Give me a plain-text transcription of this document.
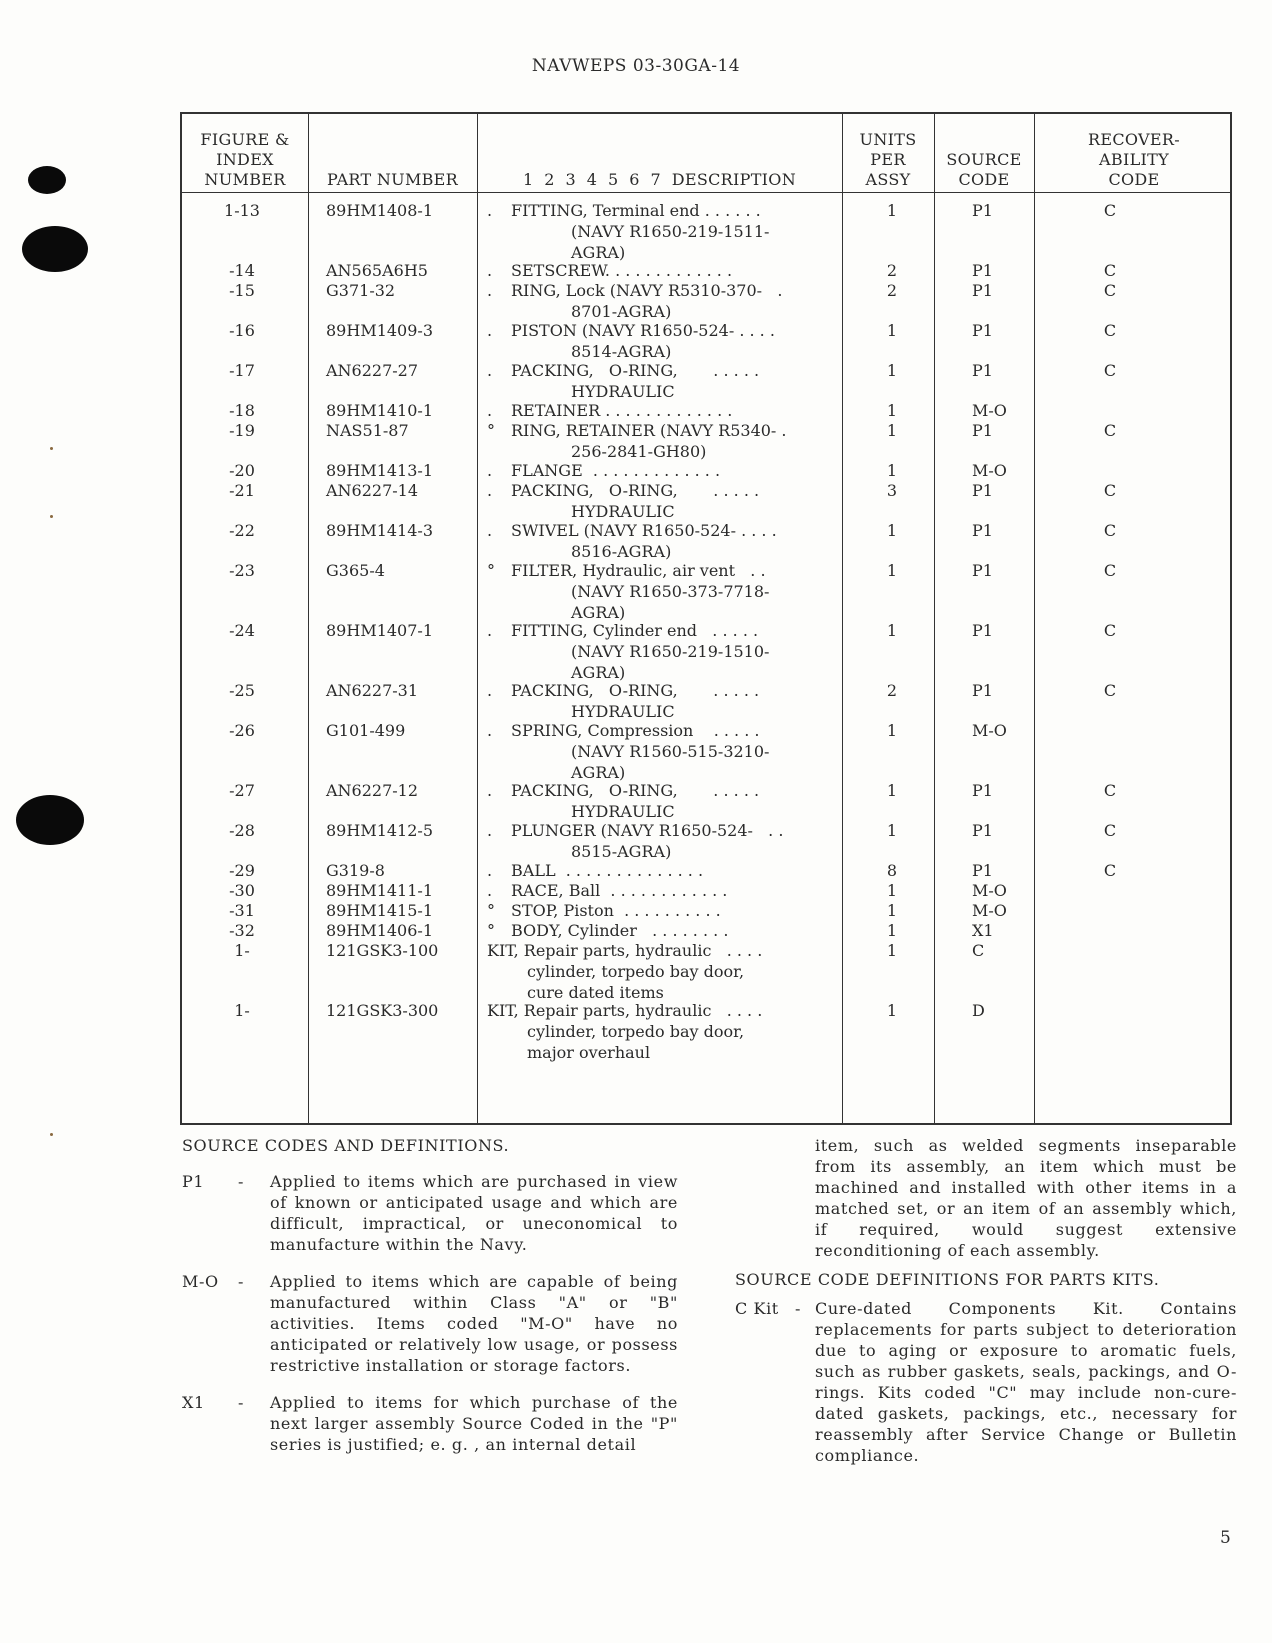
NAVWEPS 03-30GA-14
FIGURE &
INDEX
NUMBER	PART NUMBER	1  2  3  4  5  6  7  DESCRIPTION
UNITS
PER
ASSY
SOURCE
CODE
RECOVER-
ABILITY
CODE
1-13	89HM1408-1	. FITTING, Terminal end . . . . . .
(NAVY R1650-219-1511-
AGRA)
1	P1	C
-14	AN565A6H5	. SETSCREW. . . . . . . . . . . . .	2	P1	C
-15	G371-32	. RING, Lock (NAVY R5310-370-   .
8701-AGRA)
2	P1	C
-16	89HM1409-3	. PISTON (NAVY R1650-524- . . . .
8514-AGRA)
1	P1	C
-17	AN6227-27	. PACKING,   O-RING,       . . . . .
HYDRAULIC
1	P1	C
-18	89HM1410-1	. RETAINER . . . . . . . . . . . . .	1	M-O
-19	NAS51-87	° RING, RETAINER (NAVY R5340- .
256-2841-GH80)
1	P1	C
-20	89HM1413-1	. FLANGE  . . . . . . . . . . . . .	1	M-O
-21	AN6227-14	. PACKING,   O-RING,       . . . . .
HYDRAULIC
3	P1	C
-22	89HM1414-3	. SWIVEL (NAVY R1650-524- . . . .
8516-AGRA)
1	P1	C
-23	G365-4	° FILTER, Hydraulic, air vent   . .
(NAVY R1650-373-7718-
AGRA)
1	P1	C
-24	89HM1407-1	. FITTING, Cylinder end   . . . . .
(NAVY R1650-219-1510-
AGRA)
1	P1	C
-25	AN6227-31	. PACKING,   O-RING,       . . . . .
HYDRAULIC
2	P1	C
-26	G101-499	. SPRING, Compression    . . . . .
(NAVY R1560-515-3210-
AGRA)
1	M-O
-27	AN6227-12	. PACKING,   O-RING,       . . . . .
HYDRAULIC
1	P1	C
-28	89HM1412-5	. PLUNGER (NAVY R1650-524-   . .
8515-AGRA)
1	P1	C
-29	G319-8	. BALL  . . . . . . . . . . . . . .	8	P1	C
-30	89HM1411-1	. RACE, Ball  . . . . . . . . . . . .	1	M-O
-31	89HM1415-1	° STOP, Piston  . . . . . . . . . .	1	M-O
-32	89HM1406-1	° BODY, Cylinder   . . . . . . . .	1	X1
1-	121GSK3-100	KIT, Repair parts, hydraulic   . . . .
cylinder, torpedo bay door,
cure dated items
1	C
1-	121GSK3-300	KIT, Repair parts, hydraulic   . . . .
cylinder, torpedo bay door,
major overhaul
1	D
SOURCE CODES AND DEFINITIONS.
P1 - Applied to items which are purchased in view of known or anticipated usage and which are difficult, impractical, or uneconomical to manufacture within the Navy.
M-O - Applied to items which are capable of being manufactured within Class "A" or "B" activities. Items coded "M-O" have no anticipated or relatively low usage, or possess restrictive installation or storage factors.
X1 - Applied to items for which purchase of the next larger assembly Source Coded in the "P" series is justified; e. g. , an internal detail
item, such as welded segments inseparable from its assembly, an item which must be machined and installed with other items in a matched set, or an item of an assembly which, if required, would suggest extensive reconditioning of each assembly.
SOURCE CODE DEFINITIONS FOR PARTS KITS.
C Kit - Cure-dated Components Kit. Contains replacements for parts subject to deterioration due to aging or exposure to aromatic fuels, such as rubber gaskets, seals, packings, and O-rings. Kits coded "C" may include non-cure-dated gaskets, packings, etc., necessary for reassembly after Service Change or Bulletin compliance.
5
